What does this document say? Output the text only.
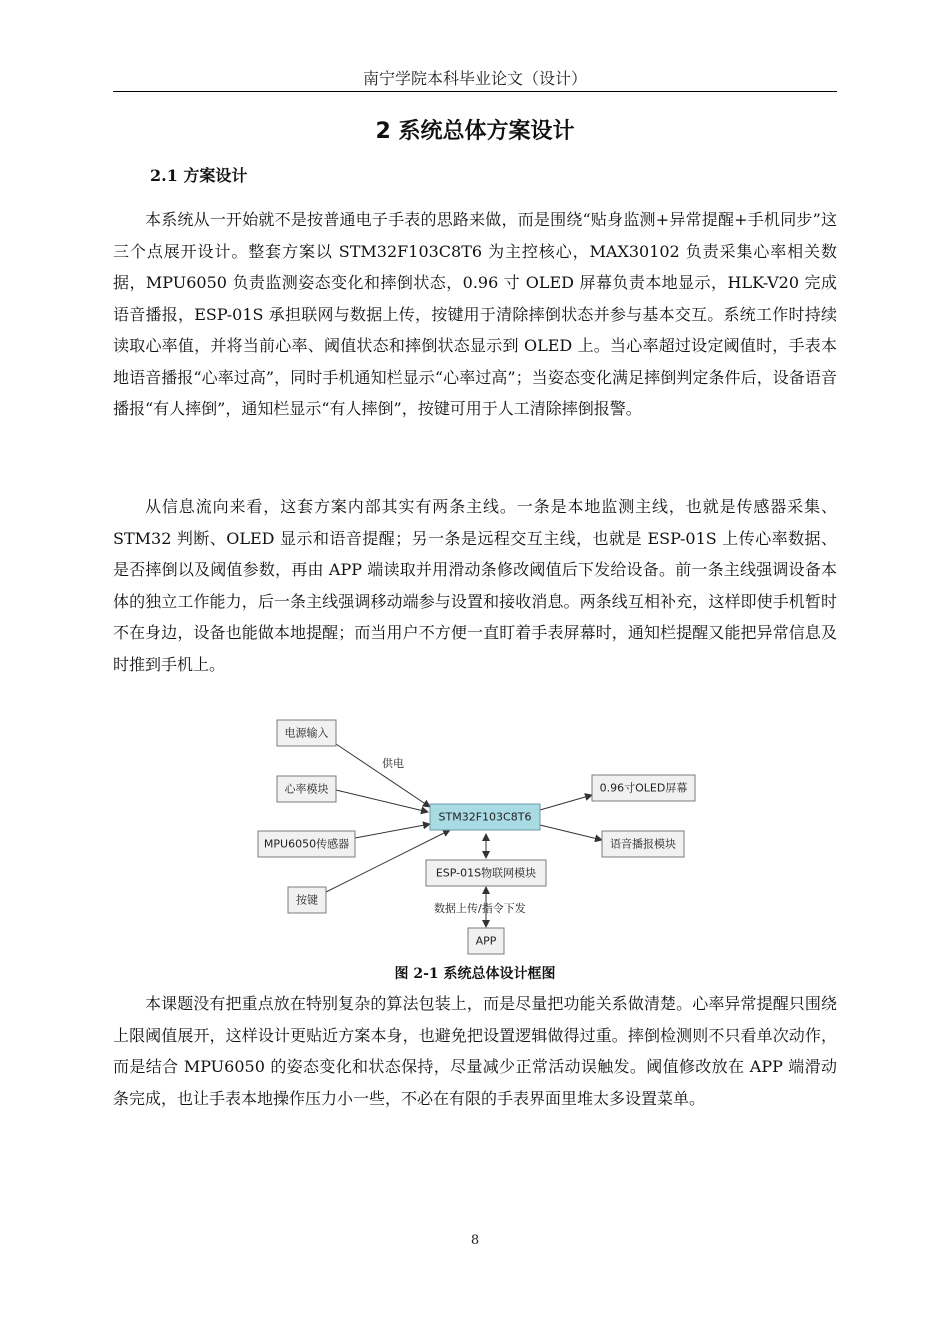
南宁学院本科毕业论文（设计）
2 系统总体方案设计
2.1 方案设计

本系统从一开始就不是按普通电子手表的思路来做，而是围绕“贴身监测+异常提醒+手机同步”这三个点展开设计。整套方案以 STM32F103C8T6 为主控核心，MAX30102 负责采集心率相关数据，MPU6050 负责监测姿态变化和摔倒状态，0.96 寸 OLED 屏幕负责本地显示，HLK-V20 完成语音播报，ESP-01S 承担联网与数据上传，按键用于清除摔倒状态并参与基本交互。系统工作时持续读取心率值，并将当前心率、阈值状态和摔倒状态显示到 OLED 上。当心率超过设定阈值时，手表本地语音播报“心率过高”，同时手机通知栏显示“心率过高”；当姿态变化满足摔倒判定条件后，设备语音播报“有人摔倒”，通知栏显示“有人摔倒”，按键可用于人工清除摔倒报警。

从信息流向来看，这套方案内部其实有两条主线。一条是本地监测主线，也就是传感器采集、STM32 判断、OLED 显示和语音提醒；另一条是远程交互主线，也就是 ESP-01S 上传心率数据、是否摔倒以及阈值参数，再由 APP 端读取并用滑动条修改阈值后下发给设备。前一条主线强调设备本体的独立工作能力，后一条主线强调移动端参与设置和接收消息。两条线互相补充，这样即使手机暂时不在身边，设备也能做本地提醒；而当用户不方便一直盯着手表屏幕时，通知栏提醒又能把异常信息及时推到手机上。

供电
数据上传/指令下发
电源输入
心率模块
MPU6050传感器
按键
STM32F103C8T6
0.96寸OLED屏幕
语音播报模块
ESP-01S物联网模块
APP
图 2-1 系统总体设计框图

本课题没有把重点放在特别复杂的算法包装上，而是尽量把功能关系做清楚。心率异常提醒只围绕上限阈值展开，这样设计更贴近方案本身，也避免把设置逻辑做得过重。摔倒检测则不只看单次动作，而是结合 MPU6050 的姿态变化和状态保持，尽量减少正常活动误触发。阈值修改放在 APP 端滑动条完成，也让手表本地操作压力小一些，不必在有限的手表界面里堆太多设置菜单。

8
